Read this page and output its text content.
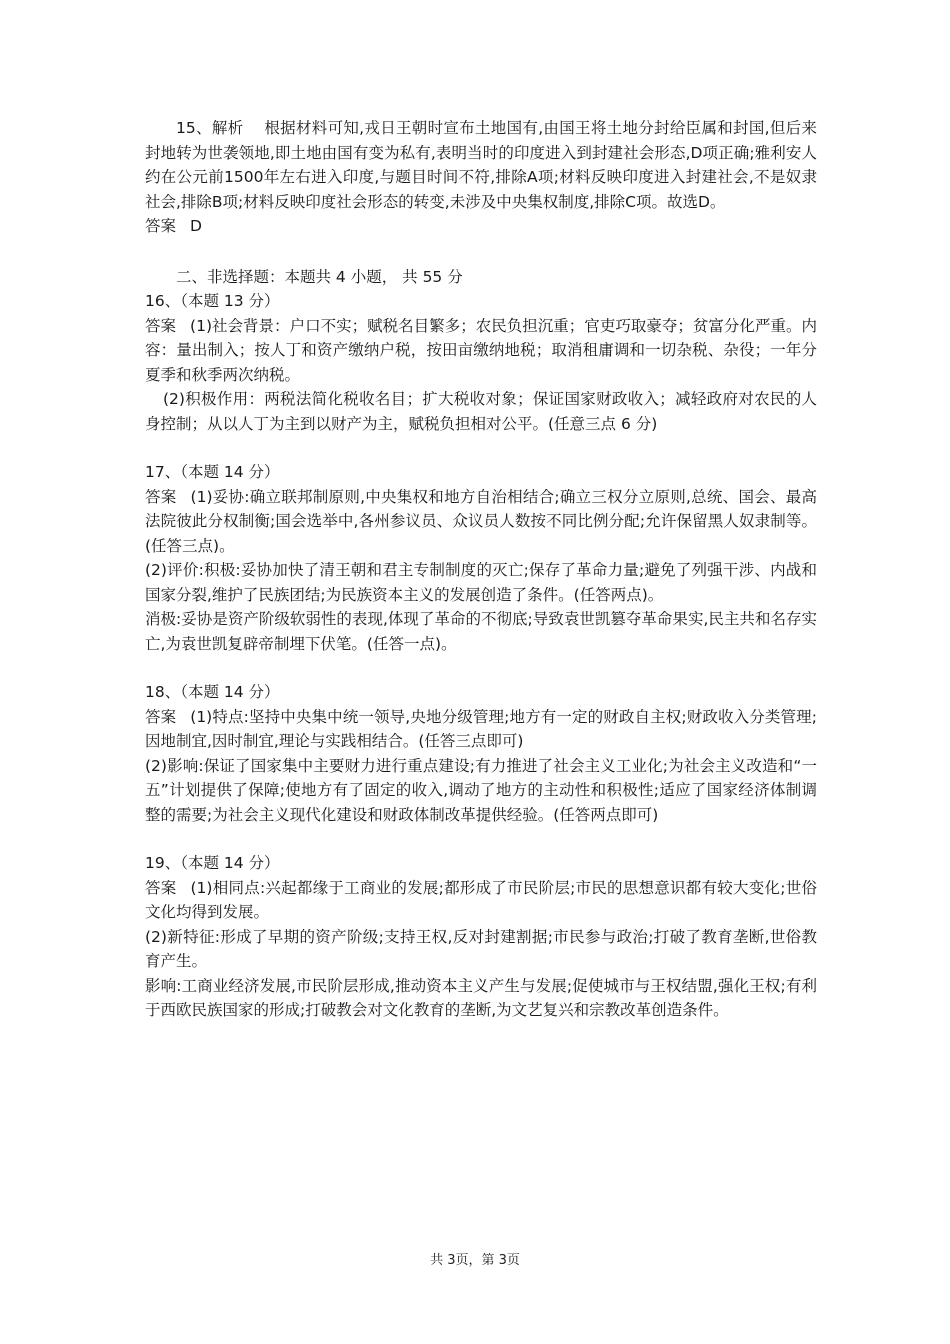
15、解析 根据材料可知,戎日王朝时宣布土地国有,由国王将土地分封给臣属和封国,但后来封地转为世袭领地,即土地由国有变为私有,表明当时的印度进入到封建社会形态,D项正确;雅利安人约在公元前1500年左右进入印度,与题目时间不符,排除A项;材料反映印度进入封建社会,不是奴隶社会,排除B项;材料反映印度社会形态的转变,未涉及中央集权制度,排除C项。故选D。

答案 D

二、非选择题：本题共 4 小题， 共 55 分

16、（本题 13 分）

答案 (1)社会背景：户口不实；赋税名目繁多；农民负担沉重；官吏巧取豪夺；贫富分化严重。内容：量出制入；按人丁和资产缴纳户税，按田亩缴纳地税；取消租庸调和一切杂税、杂役；一年分夏季和秋季两次纳税。

(2)积极作用：两税法简化税收名目；扩大税收对象；保证国家财政收入；减轻政府对农民的人身控制；从以人丁为主到以财产为主，赋税负担相对公平。(任意三点 6 分)

17、（本题 14 分）

答案 (1)妥协:确立联邦制原则,中央集权和地方自治相结合;确立三权分立原则,总统、国会、最高法院彼此分权制衡;国会选举中,各州参议员、众议员人数按不同比例分配;允许保留黑人奴隶制等。(任答三点)。

(2)评价:积极:妥协加快了清王朝和君主专制制度的灭亡;保存了革命力量;避免了列强干涉、内战和国家分裂,维护了民族团结;为民族资本主义的发展创造了条件。(任答两点)。

消极:妥协是资产阶级软弱性的表现,体现了革命的不彻底;导致袁世凯篡夺革命果实,民主共和名存实亡,为袁世凯复辟帝制埋下伏笔。(任答一点)。

18、（本题 14 分）

答案 (1)特点:坚持中央集中统一领导,央地分级管理;地方有一定的财政自主权;财政收入分类管理;因地制宜,因时制宜,理论与实践相结合。(任答三点即可)

(2)影响:保证了国家集中主要财力进行重点建设;有力推进了社会主义工业化;为社会主义改造和“一五”计划提供了保障;使地方有了固定的收入,调动了地方的主动性和积极性;适应了国家经济体制调整的需要;为社会主义现代化建设和财政体制改革提供经验。(任答两点即可)

19、（本题 14 分）

答案 (1)相同点:兴起都缘于工商业的发展;都形成了市民阶层;市民的思想意识都有较大变化;世俗文化均得到发展。

(2)新特征:形成了早期的资产阶级;支持王权,反对封建割据;市民参与政治;打破了教育垄断,世俗教育产生。

影响:工商业经济发展,市民阶层形成,推动资本主义产生与发展;促使城市与王权结盟,强化王权;有利于西欧民族国家的形成;打破教会对文化教育的垄断,为文艺复兴和宗教改革创造条件。

共 3页，第 3页
